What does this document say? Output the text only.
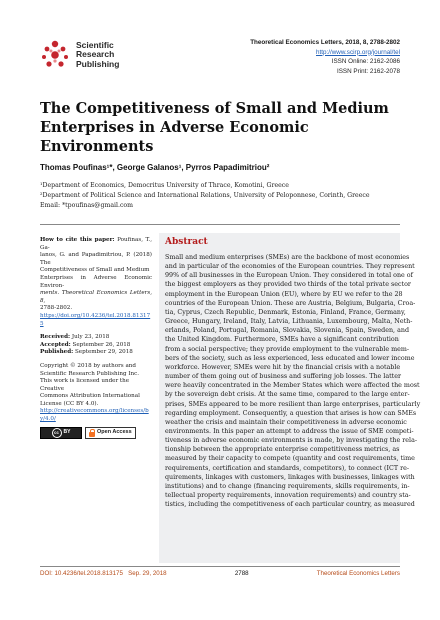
Scientific
Research
Publishing
Theoretical Economics Letters, 2018, 8, 2788-2802
http://www.scirp.org/journal/tel
ISSN Online: 2162-2086
ISSN Print: 2162-2078
The Competitiveness of Small and Medium
Enterprises in Adverse Economic Environments
Thomas Poufinas¹*, George Galanos¹, Pyrros Papadimitriou²
¹Department of Economics, Democritus University of Thrace, Komotini, Greece
²Department of Political Science and International Relations, University of Peloponnese, Corinth, Greece
Email: *tpoufinas@gmail.com
How to cite this paper: Poufinas, T., Ga-
lanos, G. and Papadimitriou, P. (2018) The
Competitiveness of Small and Medium
Enterprises in Adverse Economic Environ-
ments. Theoretical Economics Letters, 8,
2788-2802.
https://doi.org/10.4236/tel.2018.813175
Received: July 23, 2018
Accepted: September 26, 2018
Published: September 29, 2018
Copyright © 2018 by authors and
Scientific Research Publishing Inc.
This work is licensed under the Creative
Commons Attribution International
License (CC BY 4.0).
http://creativecommons.org/licenses/by/4.0/
cc BY	Open Access
Abstract
Small and medium enterprises (SMEs) are the backbone of most economies
and in particular of the economies of the European countries. They represent
99% of all businesses in the European Union. They considered in total one of
the biggest employers as they provided two thirds of the total private sector
employment in the European Union (EU), where by EU we refer to the 28
countries of the European Union. These are Austria, Belgium, Bulgaria, Croa-
tia, Cyprus, Czech Republic, Denmark, Estonia, Finland, France, Germany,
Greece, Hungary, Ireland, Italy, Latvia, Lithuania, Luxembourg, Malta, Neth-
erlands, Poland, Portugal, Romania, Slovakia, Slovenia, Spain, Sweden, and
the United Kingdom. Furthermore, SMEs have a significant contribution
from a social perspective; they provide employment to the vulnerable mem-
bers of the society, such as less experienced, less educated and lower income
workforce. However, SMEs were hit by the financial crisis with a notable
number of them going out of business and suffering job losses. The latter
were heavily concentrated in the Member States which were affected the most
by the sovereign debt crisis. At the same time, compared to the large enter-
prises, SMEs appeared to be more resilient than large enterprises, particularly
regarding employment. Consequently, a question that arises is how can SMEs
weather the crisis and maintain their competitiveness in adverse economic
environments. In this paper an attempt to address the issue of SME competi-
tiveness in adverse economic environments is made, by investigating the rela-
tionship between the appropriate enterprise competitiveness metrics, as
measured by their capacity to compete (quantity and cost requirements, time
requirements, certification and standards, competitors), to connect (ICT re-
quirements, linkages with customers, linkages with businesses, linkages with
institutions) and to change (financing requirements, skills requirements, in-
tellectual property requirements, innovation requirements) and country sta-
tistics, including the competitiveness of each particular country, as measured
DOI: 10.4236/tel.2018.813175 Sep. 29, 2018	2788	Theoretical Economics Letters
